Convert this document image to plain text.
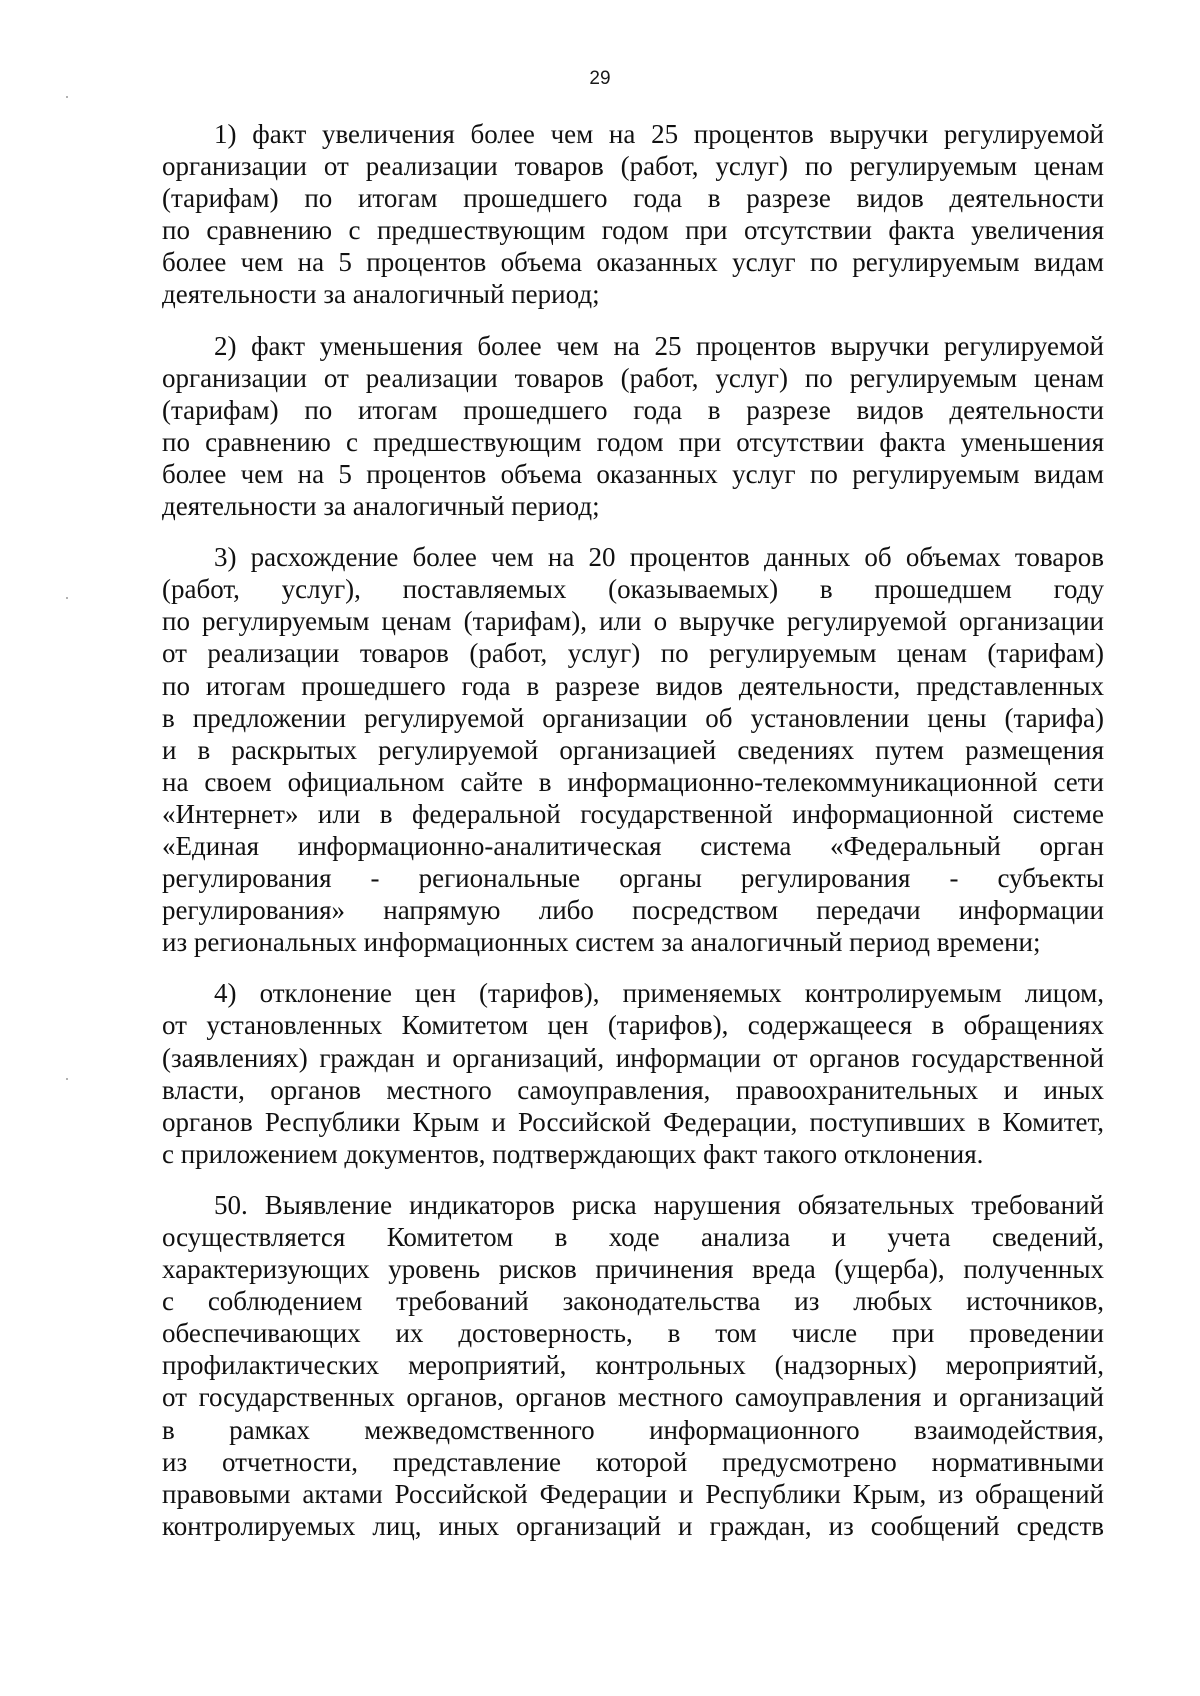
29
1) факт увеличения более чем на 25 процентов выручки регулируемой
организации от реализации товаров (работ, услуг) по регулируемым ценам
(тарифам) по итогам прошедшего года в разрезе видов деятельности
по сравнению с предшествующим годом при отсутствии факта увеличения
более чем на 5 процентов объема оказанных услуг по регулируемым видам
деятельности за аналогичный период;
2) факт уменьшения более чем на 25 процентов выручки регулируемой
организации от реализации товаров (работ, услуг) по регулируемым ценам
(тарифам) по итогам прошедшего года в разрезе видов деятельности
по сравнению с предшествующим годом при отсутствии факта уменьшения
более чем на 5 процентов объема оказанных услуг по регулируемым видам
деятельности за аналогичный период;
3) расхождение более чем на 20 процентов данных об объемах товаров
(работ, услуг), поставляемых (оказываемых) в прошедшем году
по регулируемым ценам (тарифам), или о выручке регулируемой организации
от реализации товаров (работ, услуг) по регулируемым ценам (тарифам)
по итогам прошедшего года в разрезе видов деятельности, представленных
в предложении регулируемой организации об установлении цены (тарифа)
и в раскрытых регулируемой организацией сведениях путем размещения
на своем официальном сайте в информационно-телекоммуникационной сети
«Интернет» или в федеральной государственной информационной системе
«Единая информационно-аналитическая система «Федеральный орган
регулирования - региональные органы регулирования - субъекты
регулирования» напрямую либо посредством передачи информации
из региональных информационных систем за аналогичный период времени;
4) отклонение цен (тарифов), применяемых контролируемым лицом,
от установленных Комитетом цен (тарифов), содержащееся в обращениях
(заявлениях) граждан и организаций, информации от органов государственной
власти, органов местного самоуправления, правоохранительных и иных
органов Республики Крым и Российской Федерации, поступивших в Комитет,
с приложением документов, подтверждающих факт такого отклонения.
50. Выявление индикаторов риска нарушения обязательных требований
осуществляется Комитетом в ходе анализа и учета сведений,
характеризующих уровень рисков причинения вреда (ущерба), полученных
с соблюдением требований законодательства из любых источников,
обеспечивающих их достоверность, в том числе при проведении
профилактических мероприятий, контрольных (надзорных) мероприятий,
от государственных органов, органов местного самоуправления и организаций
в рамках межведомственного информационного взаимодействия,
из отчетности, представление которой предусмотрено нормативными
правовыми актами Российской Федерации и Республики Крым, из обращений
контролируемых лиц, иных организаций и граждан, из сообщений средств
